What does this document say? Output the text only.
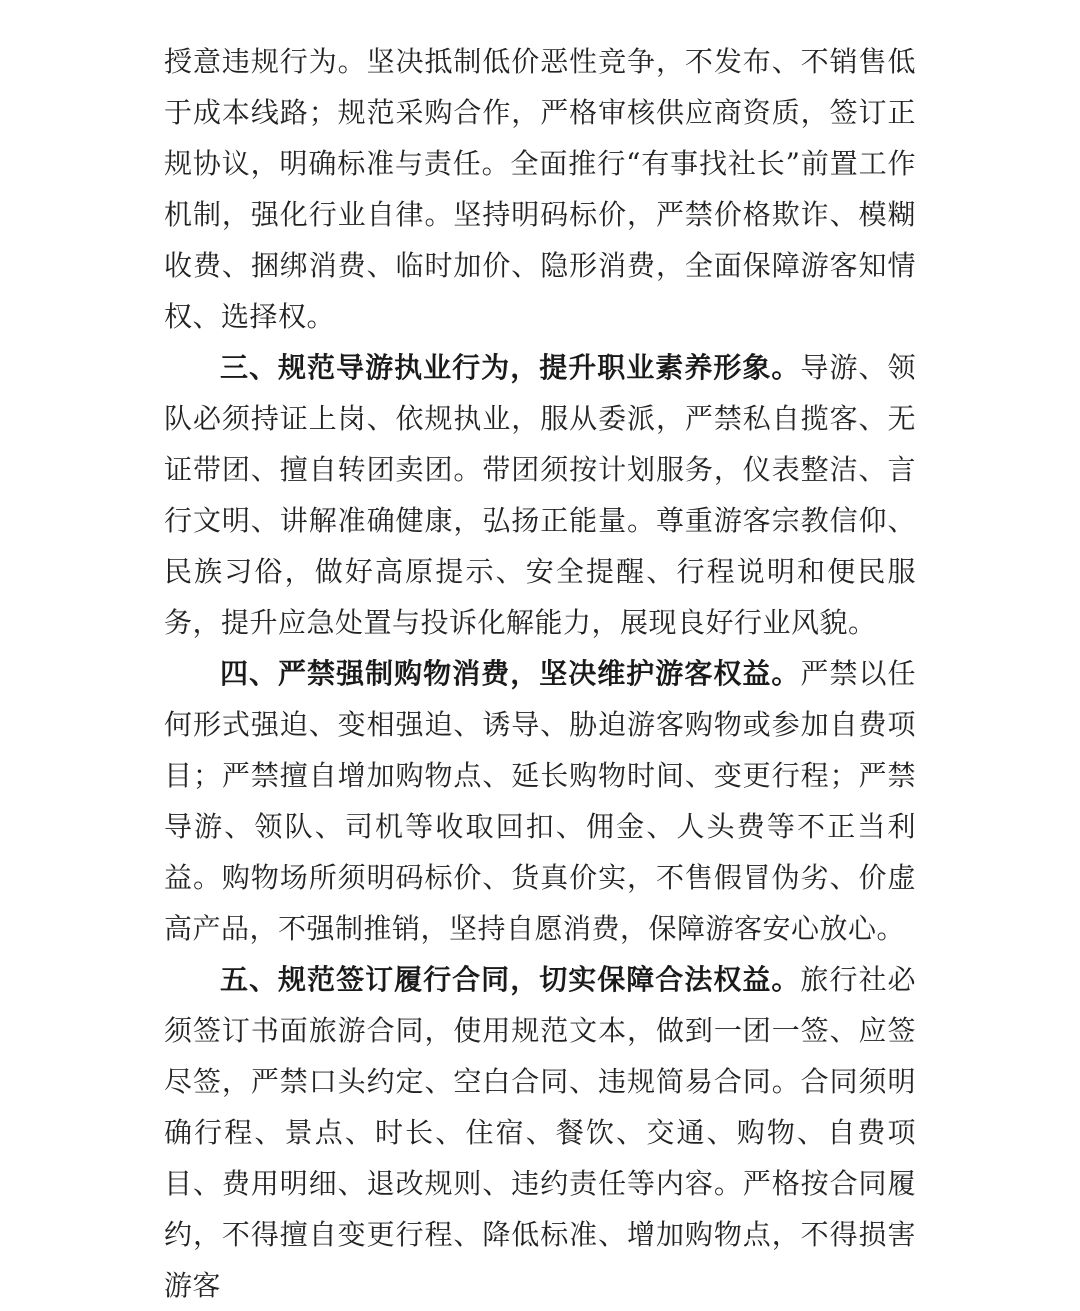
授意违规行为。坚决抵制低价恶性竞争，不发布、不销售低于成本线路；规范采购合作，严格审核供应商资质，签订正规协议，明确标准与责任。全面推行“有事找社长”前置工作机制，强化行业自律。坚持明码标价，严禁价格欺诈、模糊收费、捆绑消费、临时加价、隐形消费，全面保障游客知情权、选择权。

三、规范导游执业行为，提升职业素养形象。导游、领队必须持证上岗、依规执业，服从委派，严禁私自揽客、无证带团、擅自转团卖团。带团须按计划服务，仪表整洁、言行文明、讲解准确健康，弘扬正能量。尊重游客宗教信仰、民族习俗，做好高原提示、安全提醒、行程说明和便民服务，提升应急处置与投诉化解能力，展现良好行业风貌。

四、严禁强制购物消费，坚决维护游客权益。严禁以任何形式强迫、变相强迫、诱导、胁迫游客购物或参加自费项目；严禁擅自增加购物点、延长购物时间、变更行程；严禁导游、领队、司机等收取回扣、佣金、人头费等不正当利益。购物场所须明码标价、货真价实，不售假冒伪劣、价虚高产品，不强制推销，坚持自愿消费，保障游客安心放心。

五、规范签订履行合同，切实保障合法权益。旅行社必须签订书面旅游合同，使用规范文本，做到一团一签、应签尽签，严禁口头约定、空白合同、违规简易合同。合同须明确行程、景点、时长、住宿、餐饮、交通、购物、自费项目、费用明细、退改规则、违约责任等内容。严格按合同履约，不得擅自变更行程、降低标准、增加购物点，不得损害游客
